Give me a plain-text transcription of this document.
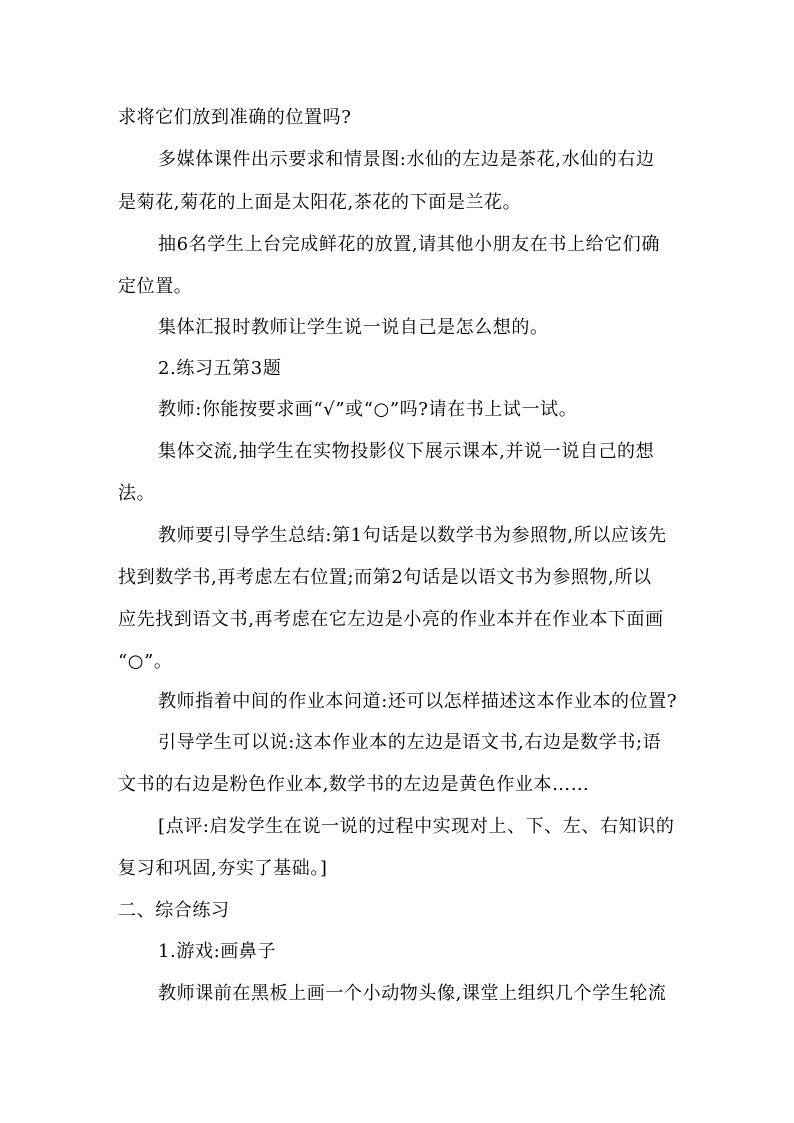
求将它们放到准确的位置吗?
多媒体课件出示要求和情景图:水仙的左边是茶花,水仙的右边
是菊花,菊花的上面是太阳花,茶花的下面是兰花。
抽6名学生上台完成鲜花的放置,请其他小朋友在书上给它们确
定位置。
集体汇报时教师让学生说一说自己是怎么想的。
2.练习五第3题
教师:你能按要求画“√”或“○”吗?请在书上试一试。
集体交流,抽学生在实物投影仪下展示课本,并说一说自己的想
法。
教师要引导学生总结:第1句话是以数学书为参照物,所以应该先
找到数学书,再考虑左右位置;而第2句话是以语文书为参照物,所以
应先找到语文书,再考虑在它左边是小亮的作业本并在作业本下面画
“○”。
教师指着中间的作业本问道:还可以怎样描述这本作业本的位置?
引导学生可以说:这本作业本的左边是语文书,右边是数学书;语
文书的右边是粉色作业本,数学书的左边是黄色作业本……
[点评:启发学生在说一说的过程中实现对上、下、左、右知识的
复习和巩固,夯实了基础。]
二、综合练习
1.游戏:画鼻子
教师课前在黑板上画一个小动物头像,课堂上组织几个学生轮流
